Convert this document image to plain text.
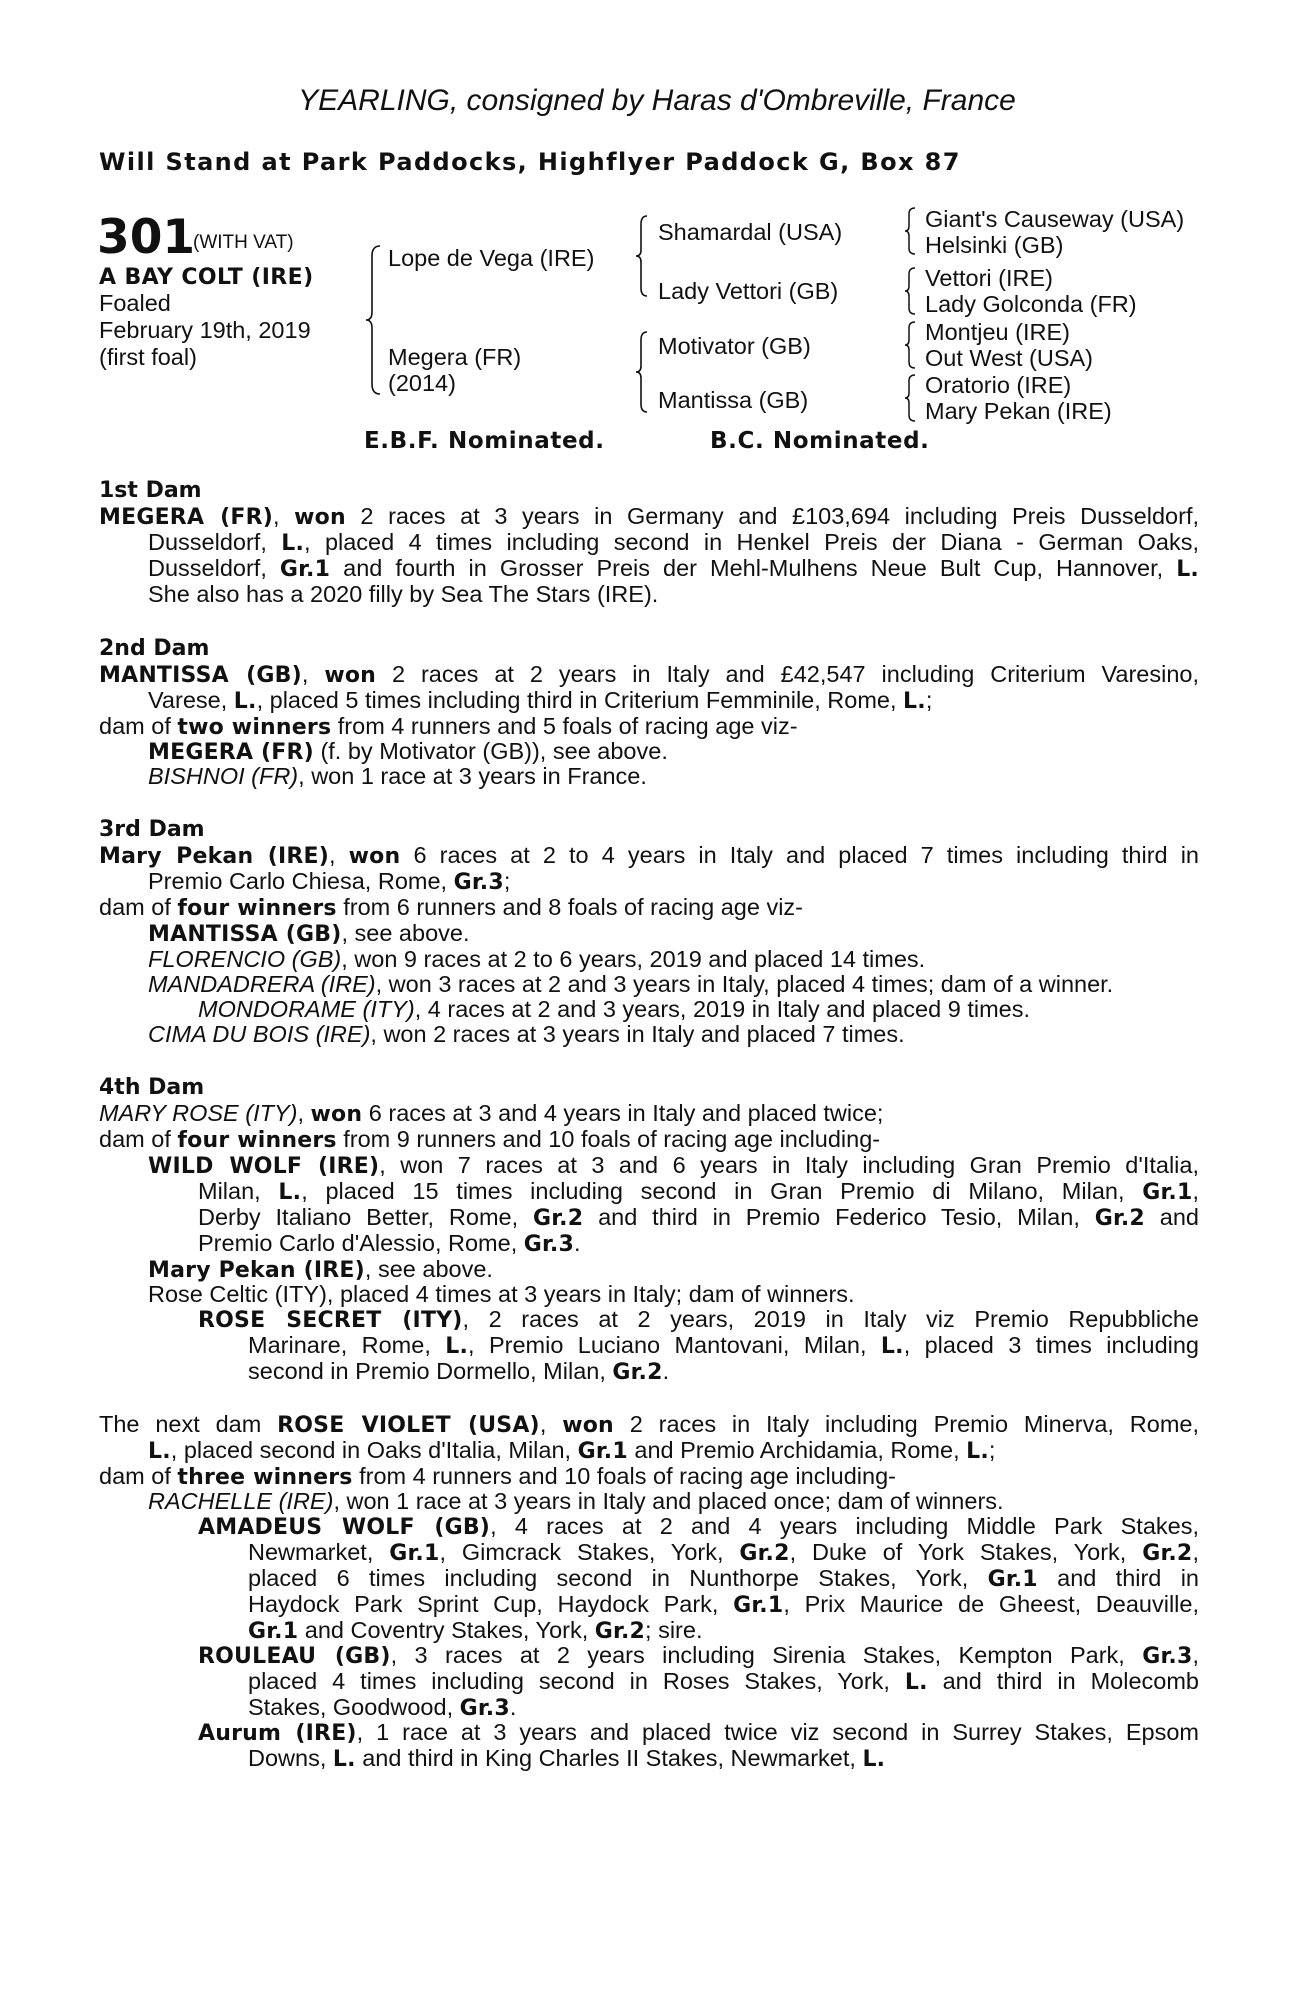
YEARLING, consigned by Haras d'Ombreville, France
Will Stand at Park Paddocks, Highflyer Paddock G, Box 87
301
(WITH VAT)
A BAY COLT (IRE)
Foaled
February 19th, 2019
(first foal)
Lope de Vega (IRE)
Megera (FR)
(2014)
Shamardal (USA)
Lady Vettori (GB)
Motivator (GB)
Mantissa (GB)
Giant's Causeway (USA)
Helsinki (GB)
Vettori (IRE)
Lady Golconda (FR)
Montjeu (IRE)
Out West (USA)
Oratorio (IRE)
Mary Pekan (IRE)
E.B.F. Nominated.	B.C. Nominated.
1st Dam
MEGERA (FR), won 2 races at 3 years in Germany and £103,694 including Preis Dusseldorf,
Dusseldorf, L., placed 4 times including second in Henkel Preis der Diana - German Oaks,
Dusseldorf, Gr.1 and fourth in Grosser Preis der Mehl-Mulhens Neue Bult Cup, Hannover, L.
She also has a 2020 filly by Sea The Stars (IRE).
2nd Dam
MANTISSA (GB), won 2 races at 2 years in Italy and £42,547 including Criterium Varesino,
Varese, L., placed 5 times including third in Criterium Femminile, Rome, L.;
dam of two winners from 4 runners and 5 foals of racing age viz-
MEGERA (FR) (f. by Motivator (GB)), see above.
BISHNOI (FR), won 1 race at 3 years in France.
3rd Dam
Mary Pekan (IRE), won 6 races at 2 to 4 years in Italy and placed 7 times including third in
Premio Carlo Chiesa, Rome, Gr.3;
dam of four winners from 6 runners and 8 foals of racing age viz-
MANTISSA (GB), see above.
FLORENCIO (GB), won 9 races at 2 to 6 years, 2019 and placed 14 times.
MANDADRERA (IRE), won 3 races at 2 and 3 years in Italy, placed 4 times; dam of a winner.
MONDORAME (ITY), 4 races at 2 and 3 years, 2019 in Italy and placed 9 times.
CIMA DU BOIS (IRE), won 2 races at 3 years in Italy and placed 7 times.
4th Dam
MARY ROSE (ITY), won 6 races at 3 and 4 years in Italy and placed twice;
dam of four winners from 9 runners and 10 foals of racing age including-
WILD WOLF (IRE), won 7 races at 3 and 6 years in Italy including Gran Premio d'Italia,
Milan, L., placed 15 times including second in Gran Premio di Milano, Milan, Gr.1,
Derby Italiano Better, Rome, Gr.2 and third in Premio Federico Tesio, Milan, Gr.2 and
Premio Carlo d'Alessio, Rome, Gr.3.
Mary Pekan (IRE), see above.
Rose Celtic (ITY), placed 4 times at 3 years in Italy; dam of winners.
ROSE SECRET (ITY), 2 races at 2 years, 2019 in Italy viz Premio Repubbliche
Marinare, Rome, L., Premio Luciano Mantovani, Milan, L., placed 3 times including
second in Premio Dormello, Milan, Gr.2.
The next dam ROSE VIOLET (USA), won 2 races in Italy including Premio Minerva, Rome,
L., placed second in Oaks d'Italia, Milan, Gr.1 and Premio Archidamia, Rome, L.;
dam of three winners from 4 runners and 10 foals of racing age including-
RACHELLE (IRE), won 1 race at 3 years in Italy and placed once; dam of winners.
AMADEUS WOLF (GB), 4 races at 2 and 4 years including Middle Park Stakes,
Newmarket, Gr.1, Gimcrack Stakes, York, Gr.2, Duke of York Stakes, York, Gr.2,
placed 6 times including second in Nunthorpe Stakes, York, Gr.1 and third in
Haydock Park Sprint Cup, Haydock Park, Gr.1, Prix Maurice de Gheest, Deauville,
Gr.1 and Coventry Stakes, York, Gr.2; sire.
ROULEAU (GB), 3 races at 2 years including Sirenia Stakes, Kempton Park, Gr.3,
placed 4 times including second in Roses Stakes, York, L. and third in Molecomb
Stakes, Goodwood, Gr.3.
Aurum (IRE), 1 race at 3 years and placed twice viz second in Surrey Stakes, Epsom
Downs, L. and third in King Charles II Stakes, Newmarket, L.
